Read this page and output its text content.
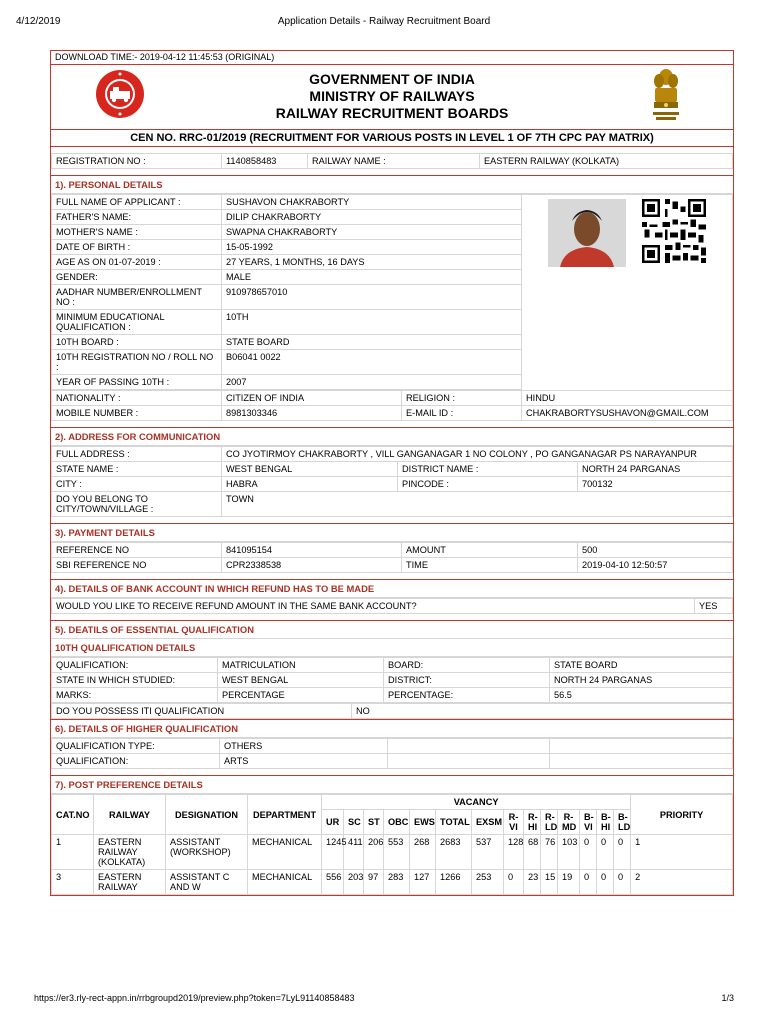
4/12/2019	Application Details - Railway Recruitment Board
DOWNLOAD TIME:- 2019-04-12 11:45:53 (ORIGINAL)
GOVERNMENT OF INDIA
MINISTRY OF RAILWAYS
RAILWAY RECRUITMENT BOARDS
CEN NO. RRC-01/2019 (RECRUITMENT FOR VARIOUS POSTS IN LEVEL 1 OF 7TH CPC PAY MATRIX)
REGISTRATION NO :	1140858483	RAILWAY NAME :	EASTERN RAILWAY (KOLKATA)
1). PERSONAL DETAILS
FULL NAME OF APPLICANT :	SUSHAVON CHAKRABORTY	
FATHER'S NAME:	DILIP CHAKRABORTY		
MOTHER'S NAME :	SWAPNA CHAKRABORTY		
DATE OF BIRTH :	15-05-1992		
AGE AS ON 01-07-2019 :	27 YEARS, 1 MONTHS, 16 DAYS		
GENDER:	MALE		
AADHAR NUMBER/ENROLLMENT NO :	910978657010		
MINIMUM EDUCATIONAL QUALIFICATION :	10TH		
10TH BOARD :	STATE BOARD		
10TH REGISTRATION NO / ROLL NO :	B06041 0022		
YEAR OF PASSING 10TH :	2007		

NATIONALITY :	CITIZEN OF INDIA	RELIGION :	HINDU
MOBILE NUMBER :	8981303346	E-MAIL ID :	CHAKRABORTYSUSHAVON@GMAIL.COM
2). ADDRESS FOR COMMUNICATION
FULL ADDRESS :	CO JYOTIRMOY CHAKRABORTY , VILL GANGANAGAR 1 NO COLONY , PO GANGANAGAR PS NARAYANPUR		
STATE NAME :	WEST BENGAL	DISTRICT NAME :	NORTH 24 PARGANAS
CITY :	HABRA	PINCODE :	700132
DO YOU BELONG TO CITY/TOWN/VILLAGE :	TOWN		
3). PAYMENT DETAILS
REFERENCE NO	841095154	AMOUNT	500
SBI REFERENCE NO	CPR2338538	TIME	2019-04-10 12:50:57
4). DETAILS OF BANK ACCOUNT IN WHICH REFUND HAS TO BE MADE
WOULD YOU LIKE TO RECEIVE REFUND AMOUNT IN THE SAME BANK ACCOUNT?	YES
5). DEATILS OF ESSENTIAL QUALIFICATION
10TH QUALIFICATION DETAILS
QUALIFICATION:	MATRICULATION	BOARD:	STATE BOARD
STATE IN WHICH STUDIED:	WEST BENGAL	DISTRICT:	NORTH 24 PARGANAS
MARKS:	PERCENTAGE	PERCENTAGE:	56.5
DO YOU POSSESS ITI QUALIFICATION	NO
6). DETAILS OF HIGHER QUALIFICATION
QUALIFICATION TYPE:	OTHERS		
QUALIFICATION:	ARTS		
7). POST PREFERENCE DETAILS
CAT.NO	RAILWAY	DESIGNATION	DEPARTMENT	VACANCY														PRIORITY
				UR	SC	ST	OBC	EWS	TOTAL	EXSM	R-VI	R-HI	R-LD	R-MD	B-VI	B-HI	B-LD	
1	EASTERN RAILWAY (KOLKATA)	ASSISTANT (WORKSHOP)	MECHANICAL	1245	411	206	553	268	2683	537	128	68	76	103	0	0	0	1
3	EASTERN RAILWAY	ASSISTANT C AND W	MECHANICAL	556	203	97	283	127	1266	253	0	23	15	19	0	0	0	2
https://er3.rly-rect-appn.in/rrbgroupd2019/preview.php?token=7LyL91140858483	1/3
